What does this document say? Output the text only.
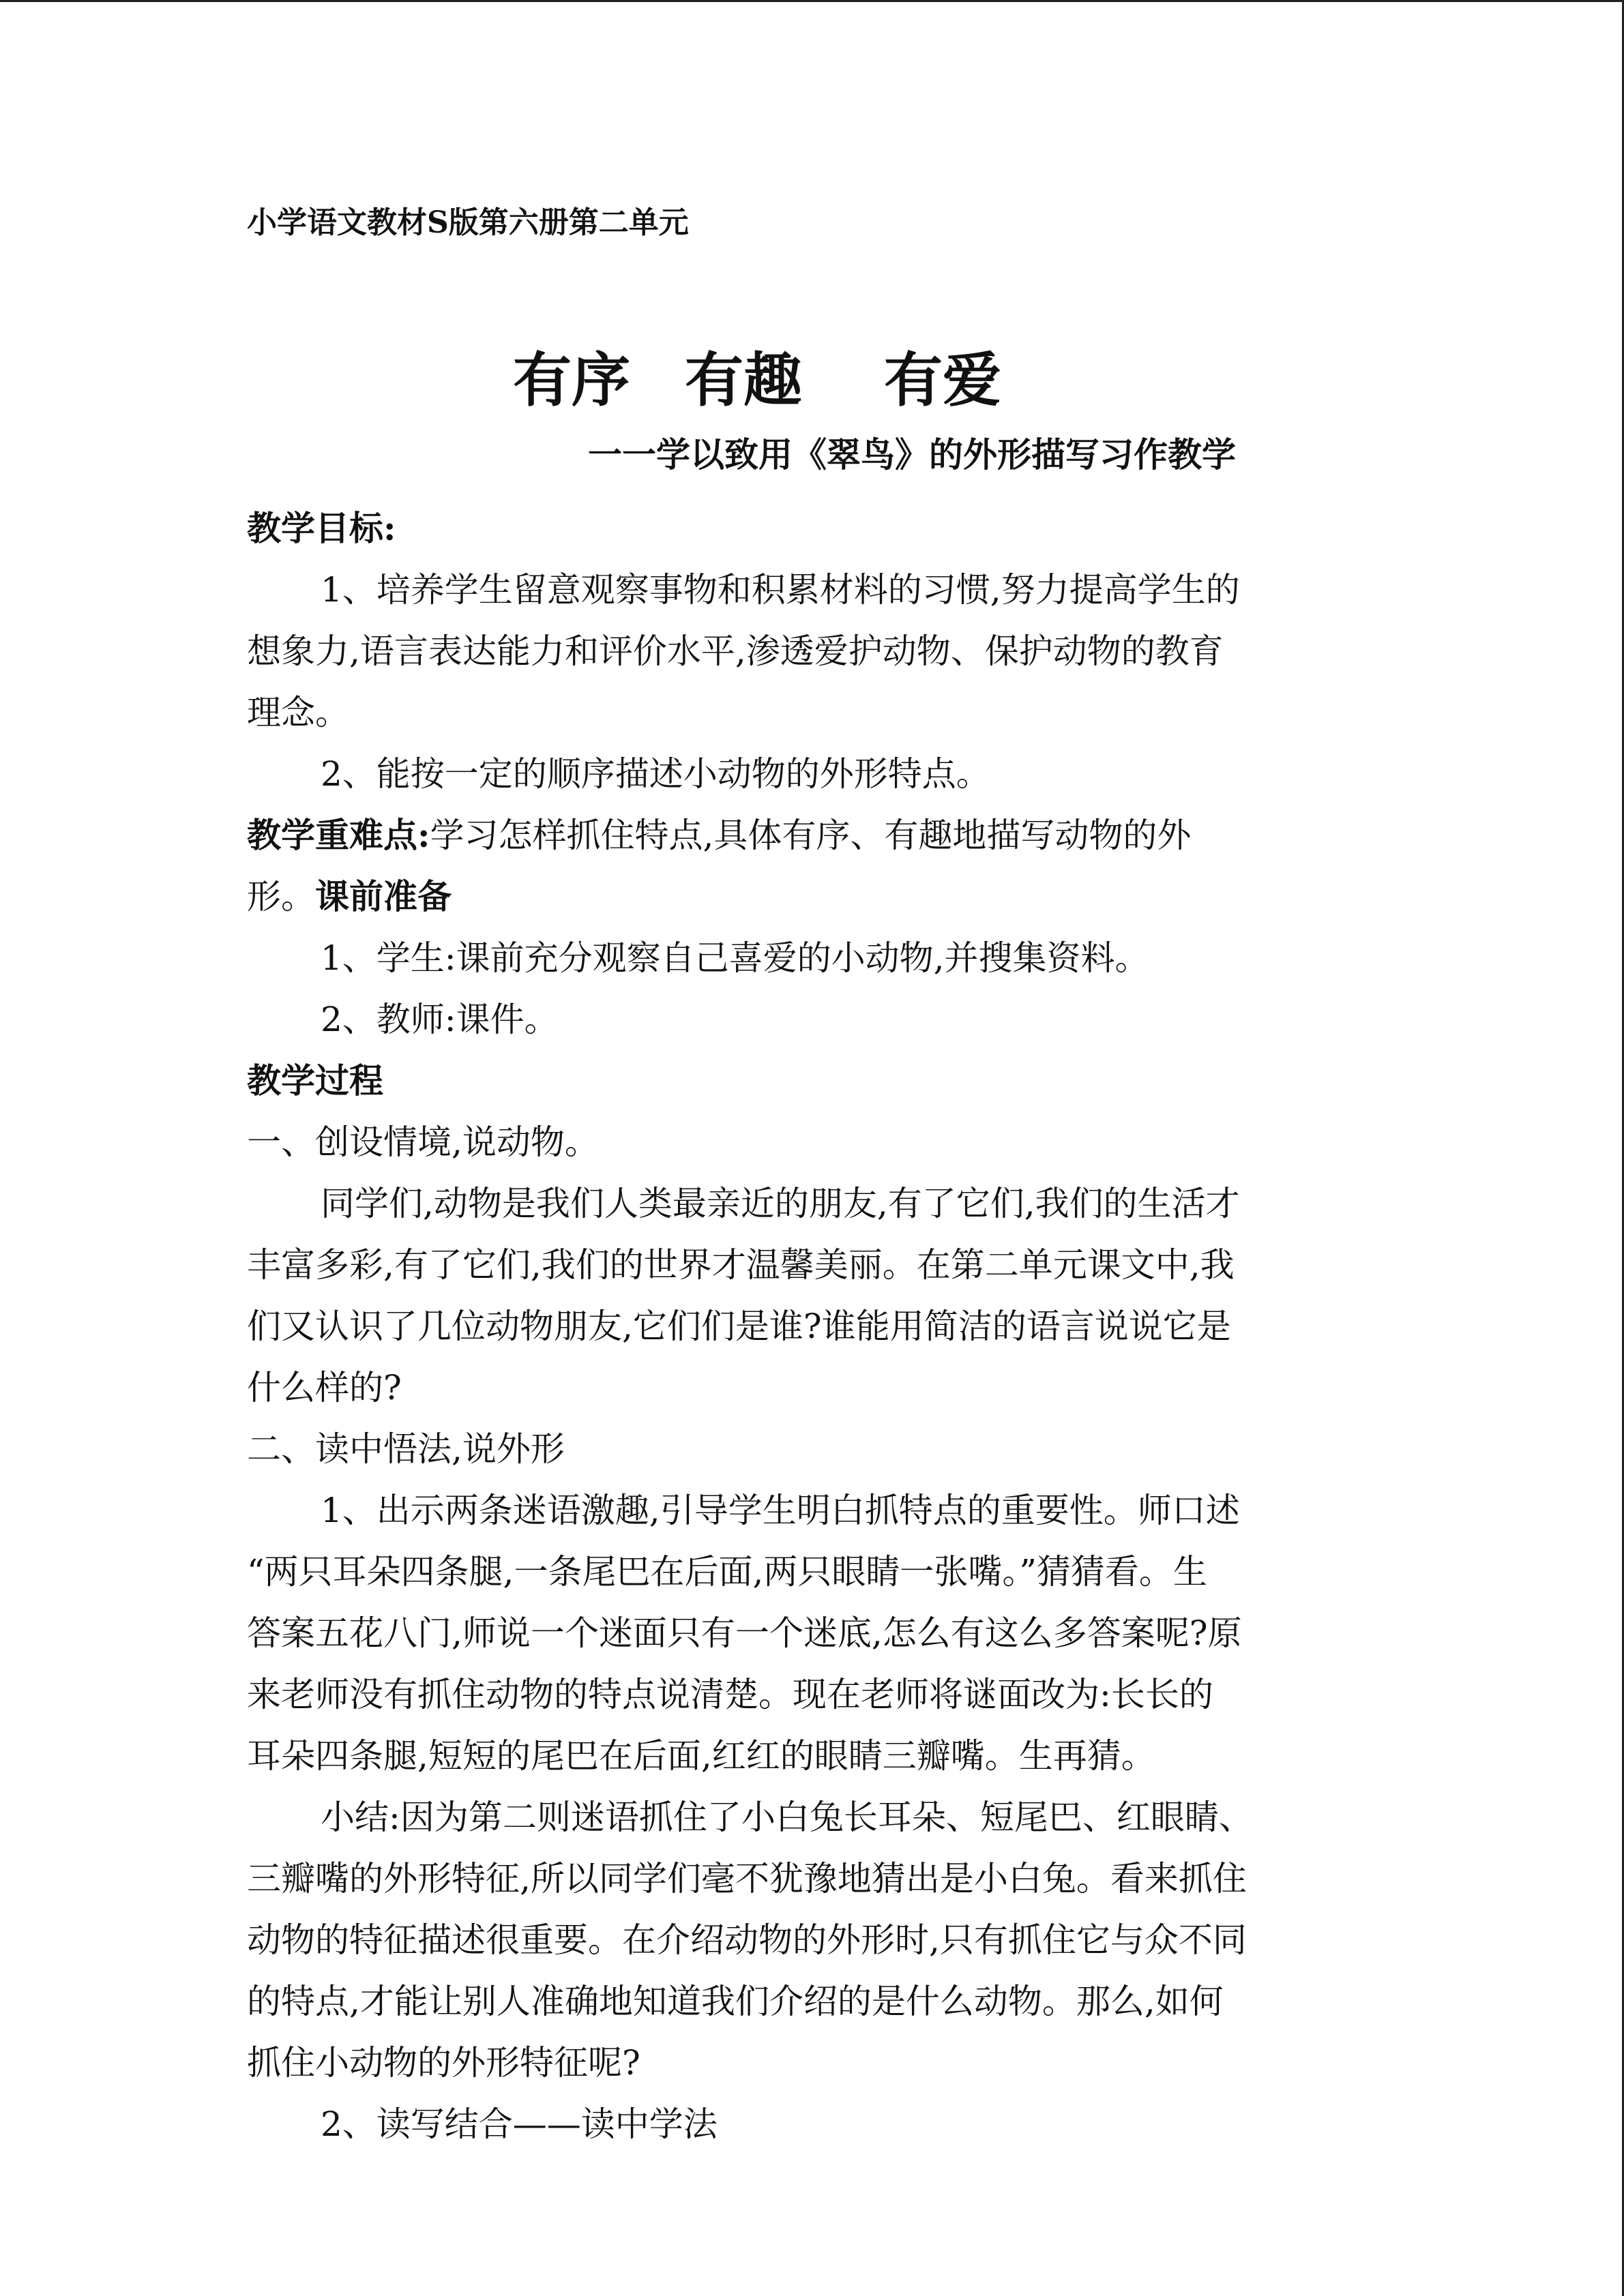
小学语文教材S版第六册第二单元
有序 有趣 有爱
一一学以致用《翠鸟》的外形描写习作教学
教学目标:
1、培养学生留意观察事物和积累材料的习惯,努力提高学生的
想象力,语言表达能力和评价水平,渗透爱护动物、保护动物的教育
理念。
2、能按一定的顺序描述小动物的外形特点。
教学重难点:学习怎样抓住特点,具体有序、有趣地描写动物的外
形。课前准备
1、学生:课前充分观察自己喜爱的小动物,并搜集资料。
2、教师:课件。
教学过程
一、创设情境,说动物。
同学们,动物是我们人类最亲近的朋友,有了它们,我们的生活才
丰富多彩,有了它们,我们的世界才温馨美丽。在第二单元课文中,我
们又认识了几位动物朋友,它们们是谁?谁能用简洁的语言说说它是
什么样的?
二、读中悟法,说外形
1、出示两条迷语激趣,引导学生明白抓特点的重要性。师口述
“两只耳朵四条腿,一条尾巴在后面,两只眼睛一张嘴。”猜猜看。生
答案五花八门,师说一个迷面只有一个迷底,怎么有这么多答案呢?原
来老师没有抓住动物的特点说清楚。现在老师将谜面改为:长长的
耳朵四条腿,短短的尾巴在后面,红红的眼睛三瓣嘴。生再猜。
小结:因为第二则迷语抓住了小白兔长耳朵、短尾巴、红眼睛、
三瓣嘴的外形特征,所以同学们毫不犹豫地猜出是小白兔。看来抓住
动物的特征描述很重要。在介绍动物的外形时,只有抓住它与众不同
的特点,才能让别人准确地知道我们介绍的是什么动物。那么,如何
抓住小动物的外形特征呢?
2、读写结合——读中学法
